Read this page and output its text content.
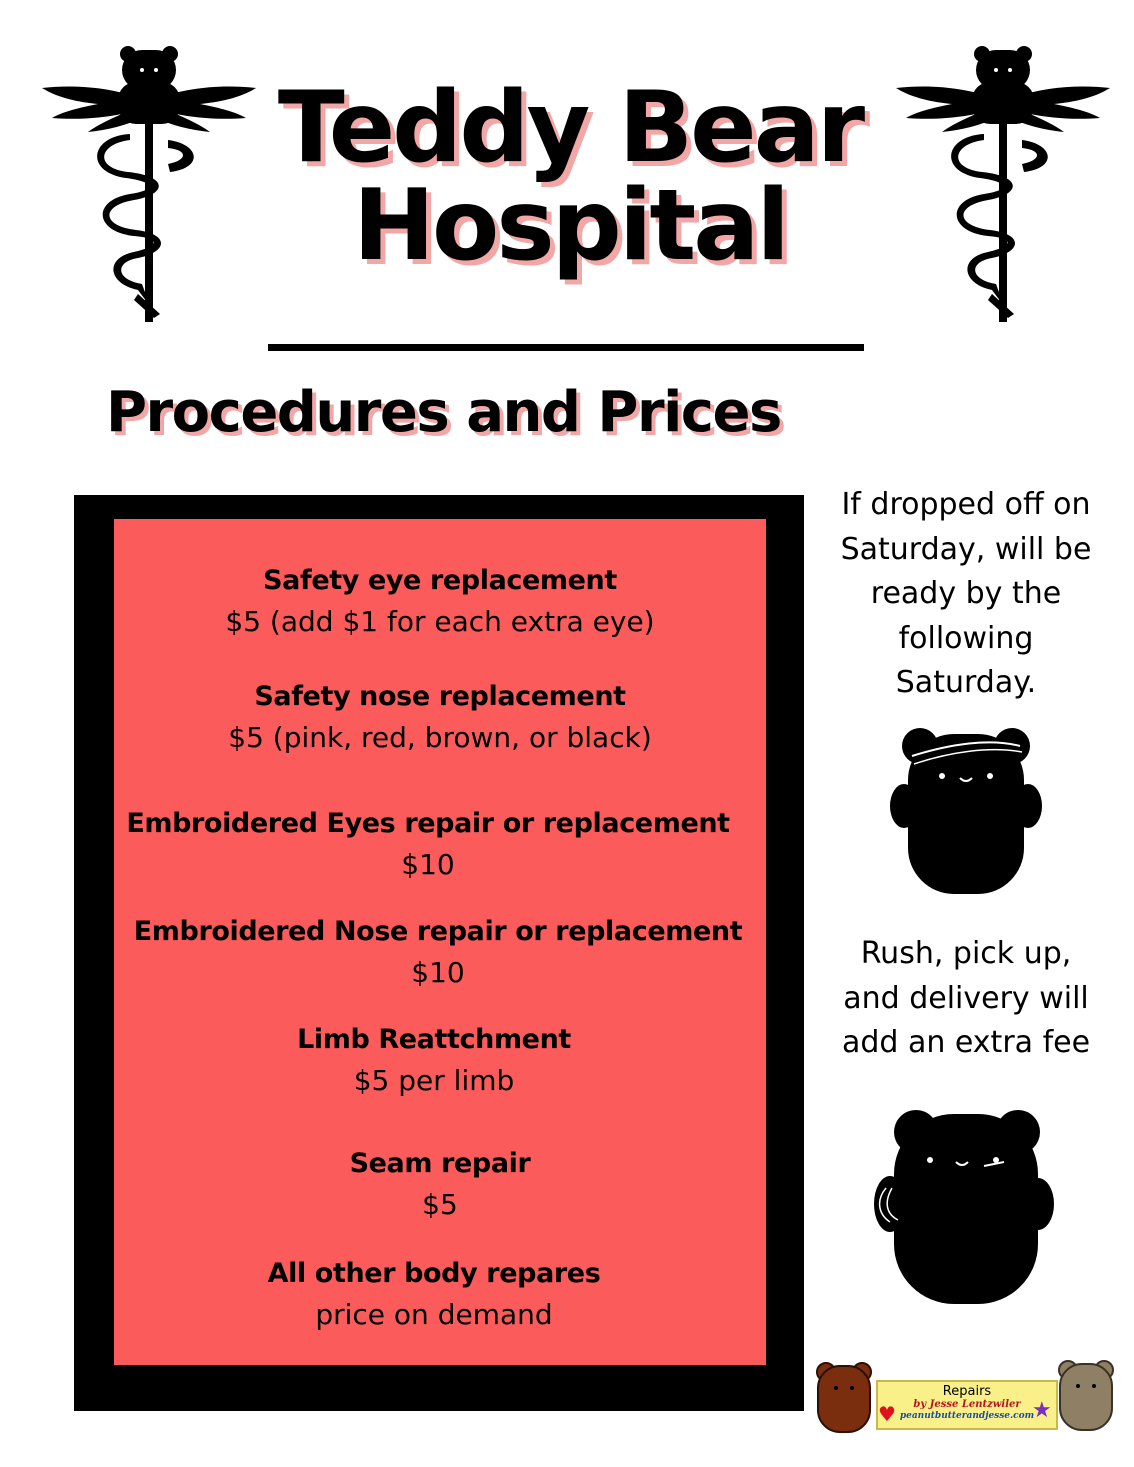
Teddy Bear
Hospital
Procedures and Prices
Safety eye replacement
$5 (add $1 for each extra eye)
Safety nose replacement
$5 (pink, red, brown, or black)
Embroidered Eyes repair or replacement
$10
Embroidered Nose repair or replacement
$10
Limb Reattchment
$5 per limb
Seam repair
$5
All other body repares
price on demand
If dropped off on Saturday, will be ready by the following Saturday.
Rush, pick up, and delivery will add an extra fee
Repairs
by Jesse Lentzwiler
peanutbutterandjesse.com
♥	★
